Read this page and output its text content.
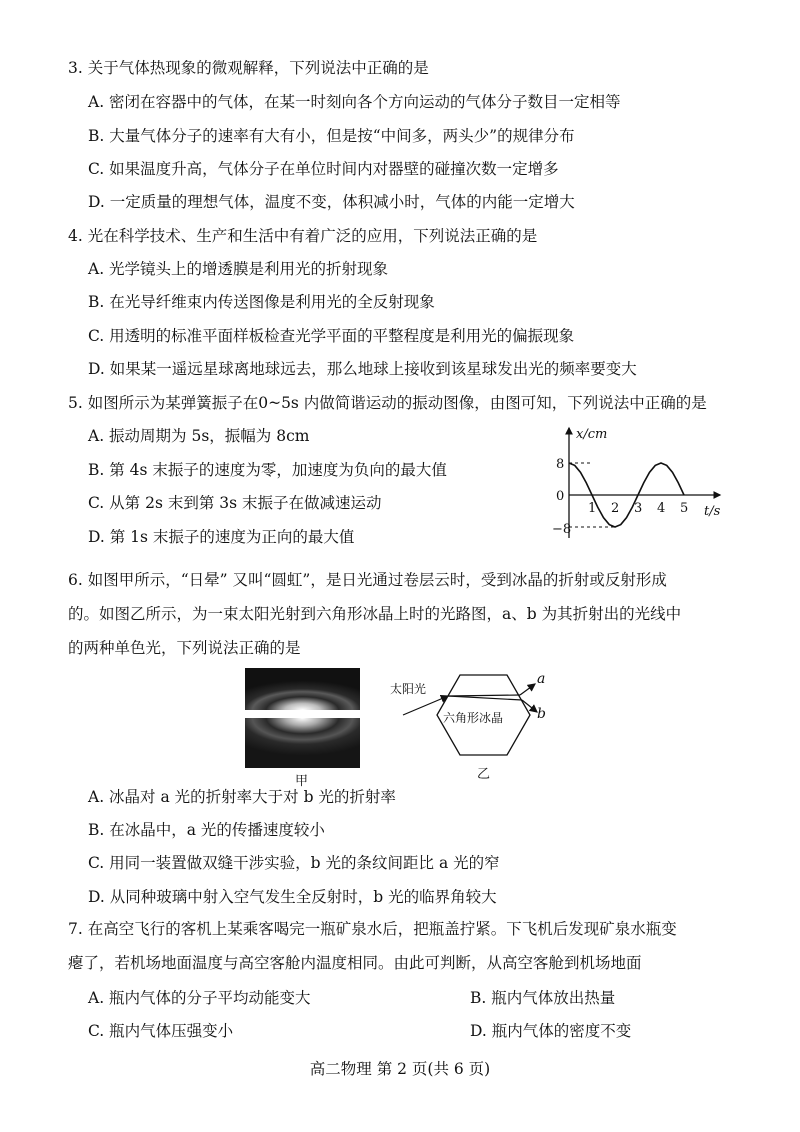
3. 关于气体热现象的微观解释，下列说法中正确的是
A. 密闭在容器中的气体，在某一时刻向各个方向运动的气体分子数目一定相等
B. 大量气体分子的速率有大有小，但是按“中间多，两头少”的规律分布
C. 如果温度升高，气体分子在单位时间内对器壁的碰撞次数一定增多
D. 一定质量的理想气体，温度不变，体积减小时，气体的内能一定增大
4. 光在科学技术、生产和生活中有着广泛的应用，下列说法正确的是
A. 光学镜头上的增透膜是利用光的折射现象
B. 在光导纤维束内传送图像是利用光的全反射现象
C. 用透明的标准平面样板检查光学平面的平整程度是利用光的偏振现象
D. 如果某一遥远星球离地球远去，那么地球上接收到该星球发出光的频率要变大
5. 如图所示为某弹簧振子在0~5s 内做简谐运动的振动图像，由图可知，下列说法中正确的是
A. 振动周期为 5s，振幅为 8cm
B. 第 4s 末振子的速度为零，加速度为负向的最大值
C. 从第 2s 末到第 3s 末振子在做减速运动
D. 第 1s 末振子的速度为正向的最大值
x/cm
t/s
0
8
−8
1 2 3 4 5
6. 如图甲所示，“日晕” 又叫“圆虹”，是日光通过卷层云时，受到冰晶的折射或反射形成
的。如图乙所示，为一束太阳光射到六角形冰晶上时的光路图，a、b 为其折射出的光线中
的两种单色光，下列说法正确的是
甲
太阳光
六角形冰晶
a
b
乙
A. 冰晶对 a 光的折射率大于对 b 光的折射率
B. 在冰晶中，a 光的传播速度较小
C. 用同一装置做双缝干涉实验，b 光的条纹间距比 a 光的窄
D. 从同种玻璃中射入空气发生全反射时，b 光的临界角较大
7. 在高空飞行的客机上某乘客喝完一瓶矿泉水后，把瓶盖拧紧。下飞机后发现矿泉水瓶变
瘪了，若机场地面温度与高空客舱内温度相同。由此可判断，从高空客舱到机场地面
A. 瓶内气体的分子平均动能变大	B. 瓶内气体放出热量
C. 瓶内气体压强变小	D. 瓶内气体的密度不变
高二物理 第 2 页(共 6 页)
